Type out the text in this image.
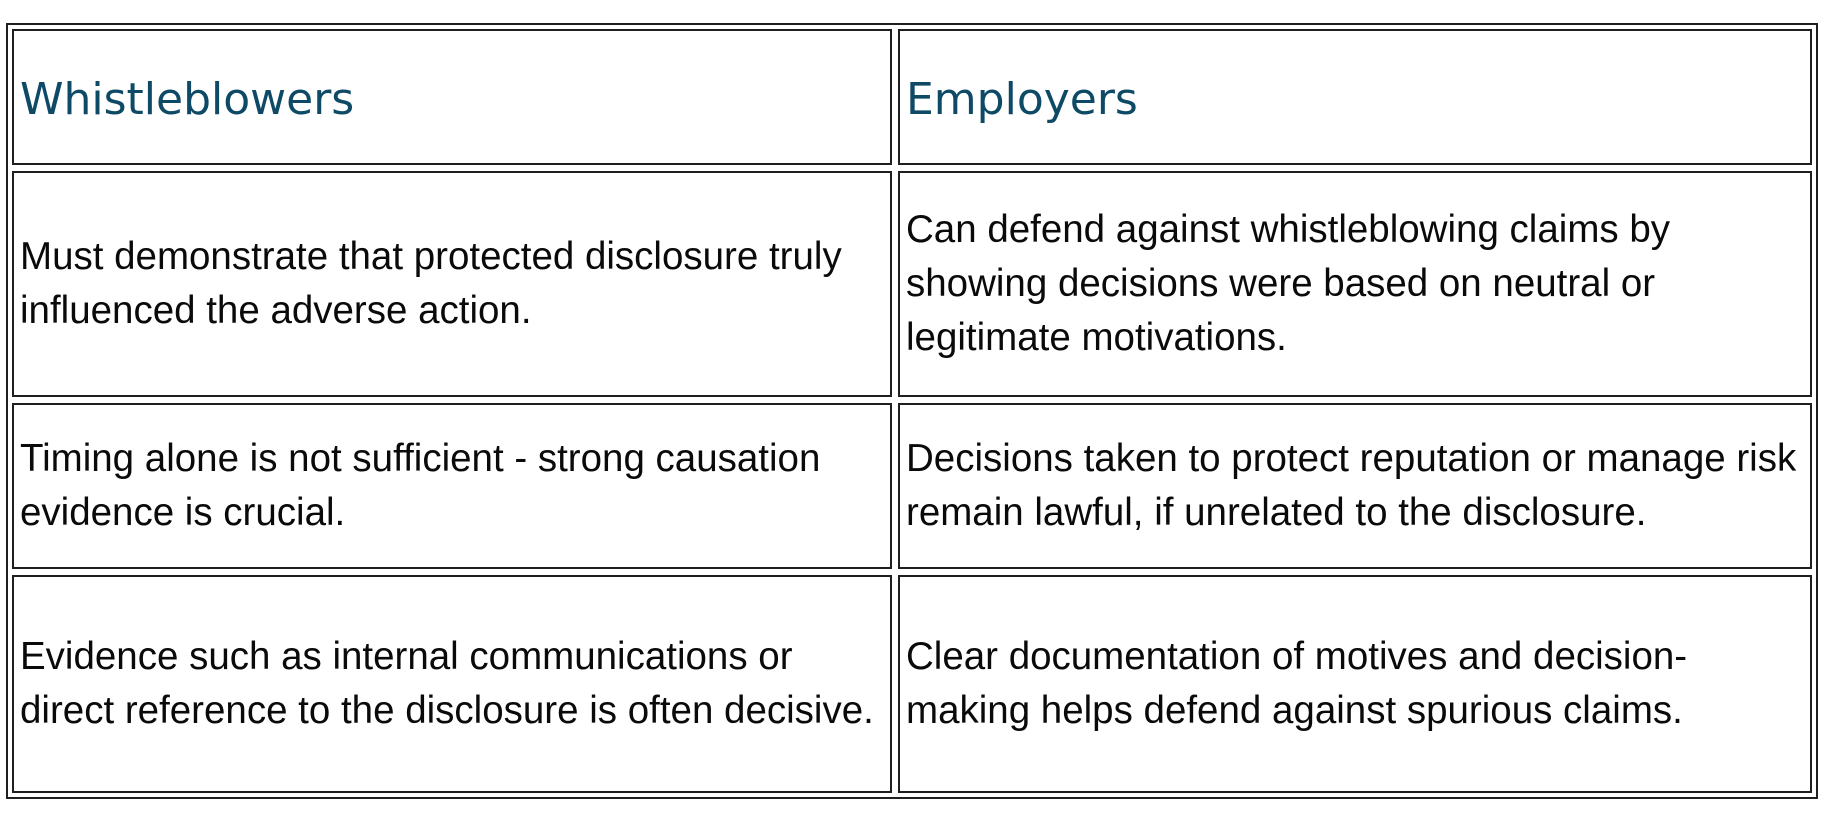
Whistleblowers	Employers
Must demonstrate that protected disclosure truly influenced the adverse action.
Can defend against whistleblowing claims by showing decisions were based on neutral or legitimate motivations.
Timing alone is not sufficient - strong causation evidence is crucial.
Decisions taken to protect reputation or manage risk remain lawful, if unrelated to the disclosure.
Evidence such as internal communications or direct reference to the disclosure is often decisive.
Clear documentation of motives and decision-making helps defend against spurious claims.
